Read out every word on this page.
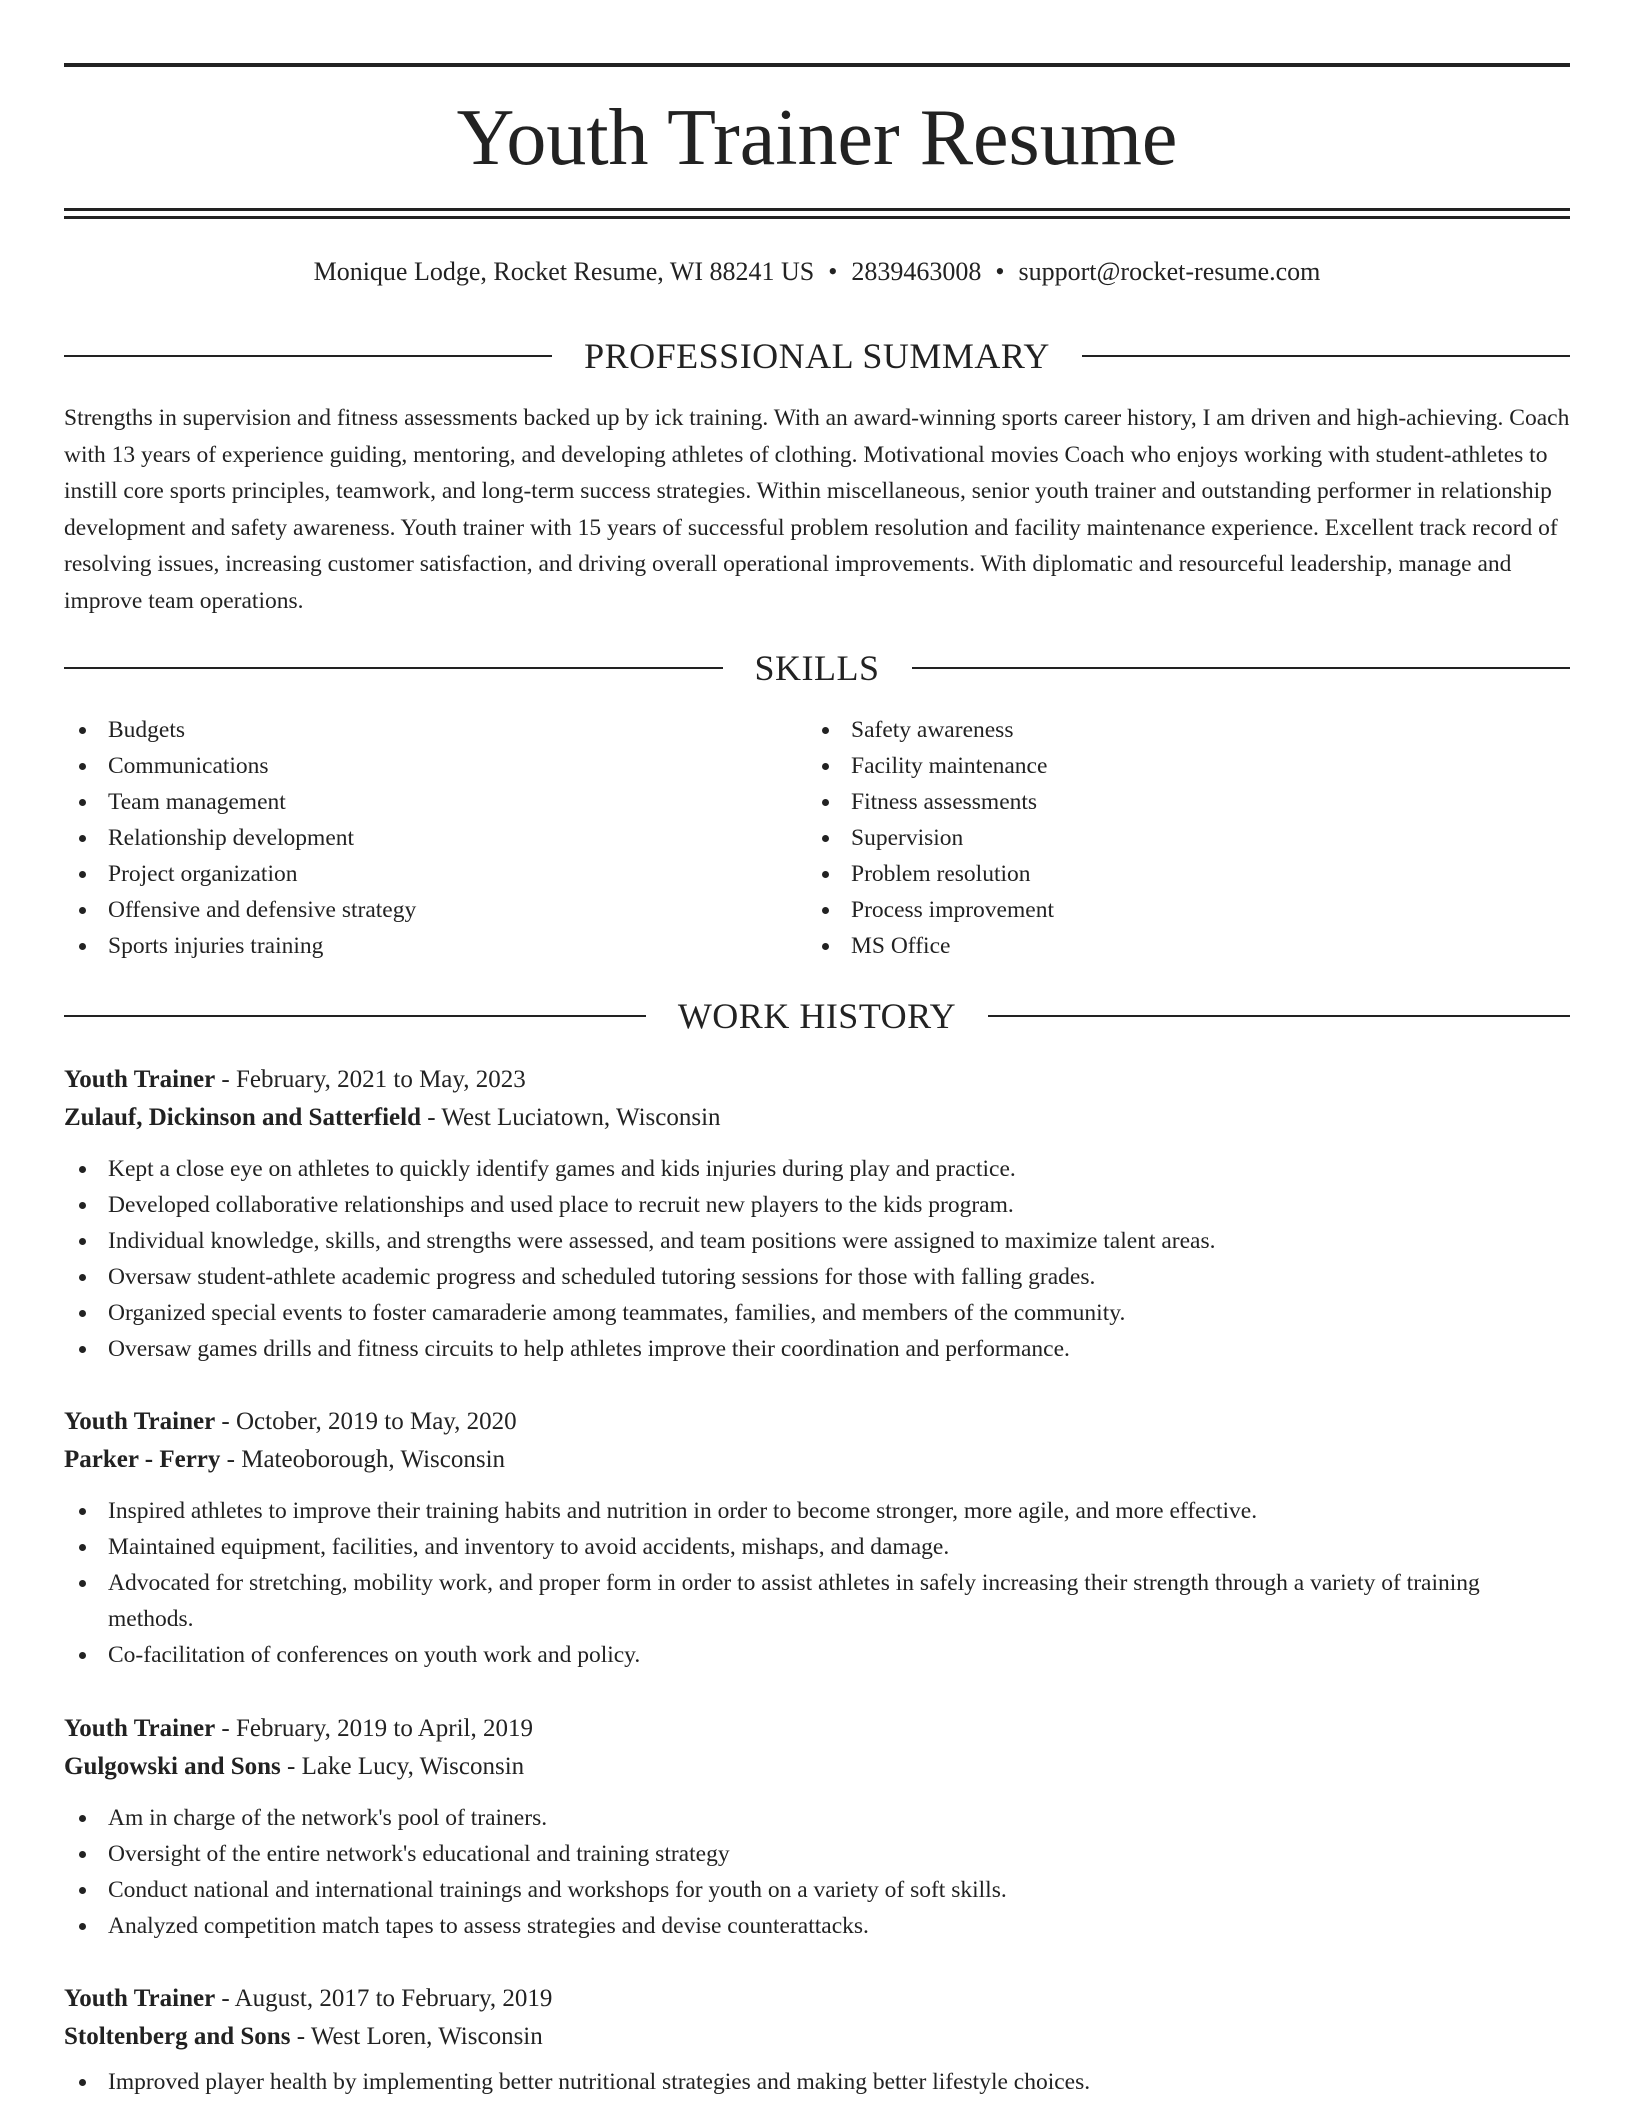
Youth Trainer Resume
Monique Lodge, Rocket Resume, WI 88241 US • 2839463008 • support@rocket-resume.com
PROFESSIONAL SUMMARY

Strengths in supervision and fitness assessments backed up by ick training. With an award-winning sports career history, I am driven and high-achieving. Coach with 13 years of experience guiding, mentoring, and developing athletes of clothing. Motivational movies Coach who enjoys working with student-athletes to instill core sports principles, teamwork, and long-term success strategies. Within miscellaneous, senior youth trainer and outstanding performer in relationship development and safety awareness. Youth trainer with 15 years of successful problem resolution and facility maintenance experience. Excellent track record of resolving issues, increasing customer satisfaction, and driving overall operational improvements. With diplomatic and resourceful leadership, manage and improve team operations.

SKILLS
Budgets
Communications
Team management
Relationship development
Project organization
Offensive and defensive strategy
Sports injuries training
Safety awareness
Facility maintenance
Fitness assessments
Supervision
Problem resolution
Process improvement
MS Office
WORK HISTORY
Youth Trainer - February, 2021 to May, 2023
Zulauf, Dickinson and Satterfield - West Luciatown, Wisconsin
Kept a close eye on athletes to quickly identify games and kids injuries during play and practice.
Developed collaborative relationships and used place to recruit new players to the kids program.
Individual knowledge, skills, and strengths were assessed, and team positions were assigned to maximize talent areas.
Oversaw student-athlete academic progress and scheduled tutoring sessions for those with falling grades.
Organized special events to foster camaraderie among teammates, families, and members of the community.
Oversaw games drills and fitness circuits to help athletes improve their coordination and performance.
Youth Trainer - October, 2019 to May, 2020
Parker - Ferry - Mateoborough, Wisconsin
Inspired athletes to improve their training habits and nutrition in order to become stronger, more agile, and more effective.
Maintained equipment, facilities, and inventory to avoid accidents, mishaps, and damage.
Advocated for stretching, mobility work, and proper form in order to assist athletes in safely increasing their strength through a variety of training methods.
Co-facilitation of conferences on youth work and policy.
Youth Trainer - February, 2019 to April, 2019
Gulgowski and Sons - Lake Lucy, Wisconsin
Am in charge of the network's pool of trainers.
Oversight of the entire network's educational and training strategy
Conduct national and international trainings and workshops for youth on a variety of soft skills.
Analyzed competition match tapes to assess strategies and devise counterattacks.
Youth Trainer - August, 2017 to February, 2019
Stoltenberg and Sons - West Loren, Wisconsin
Improved player health by implementing better nutritional strategies and making better lifestyle choices.
